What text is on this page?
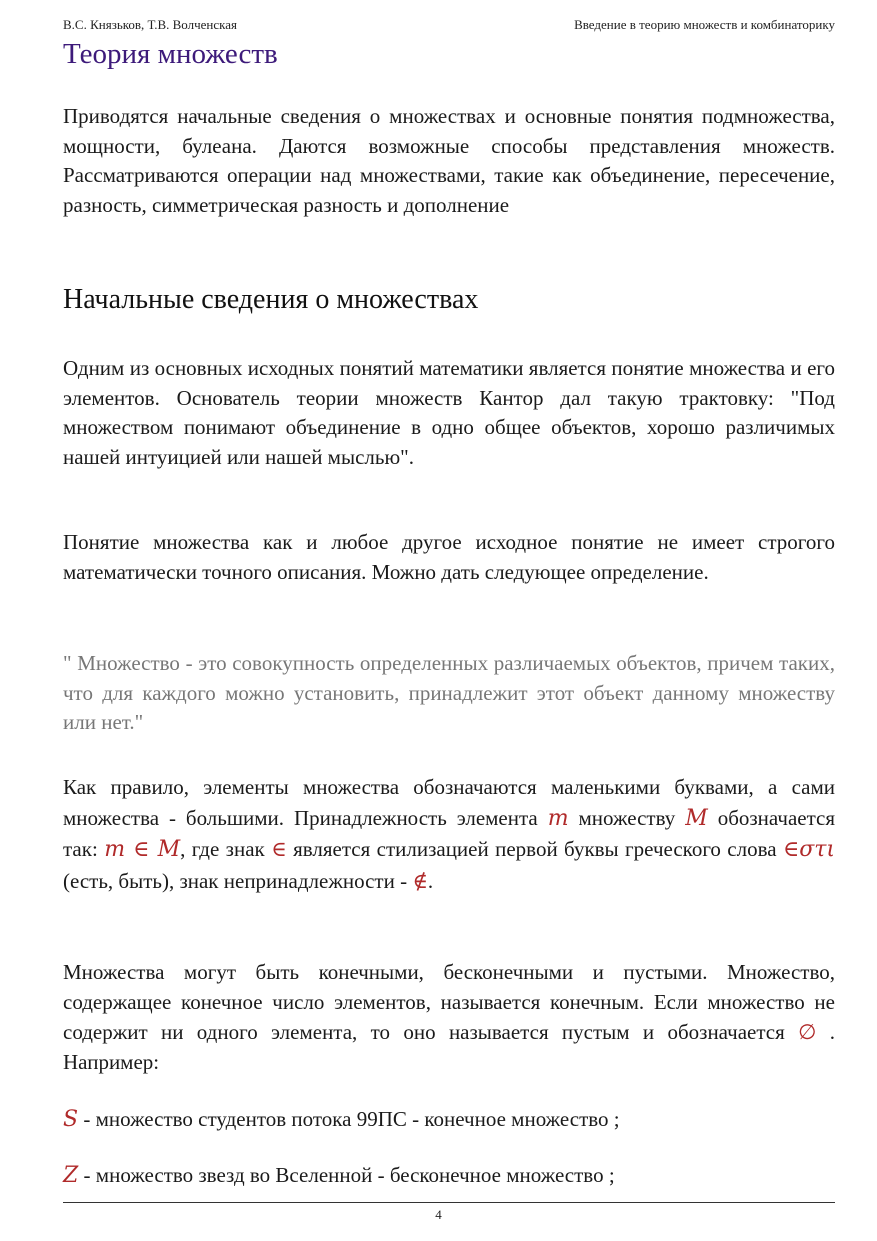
В.С. Князьков, Т.В. Волченская	Введение в теорию множеств и комбинаторику
Теория множеств

Приводятся начальные сведения о множествах и основные понятия подмножества, мощности, булеана. Даются возможные способы представления множеств. Рассматриваются операции над множествами, такие как объединение, пересечение, разность, симметрическая разность и дополнение

Начальные сведения о множествах

Одним из основных исходных понятий математики является понятие множества и его элементов. Основатель теории множеств Кантор дал такую трактовку: "Под множеством понимают объединение в одно общее объектов, хорошо различимых нашей интуицией или нашей мыслью".

Понятие множества как и любое другое исходное понятие не имеет строгого математически точного описания. Можно дать следующее определение.

" Множество - это совокупность определенных различаемых объектов, причем таких, что для каждого можно установить, принадлежит этот объект данному множеству или нет."

Как правило, элементы множества обозначаются маленькими буквами, а сами множества - большими. Принадлежность элемента m множеству M обозначается так: m ∈ M, где знак ∈ является стилизацией первой буквы греческого слова ∈στι (есть, быть), знак непринадлежности - ∉.

Множества могут быть конечными, бесконечными и пустыми. Множество, содержащее конечное число элементов, называется конечным. Если множество не содержит ни одного элемента, то оно называется пустым и обозначается ∅ . Например:

S - множество студентов потока 99ПС - конечное множество ;
Z - множество звезд во Вселенной - бесконечное множество ;
4
